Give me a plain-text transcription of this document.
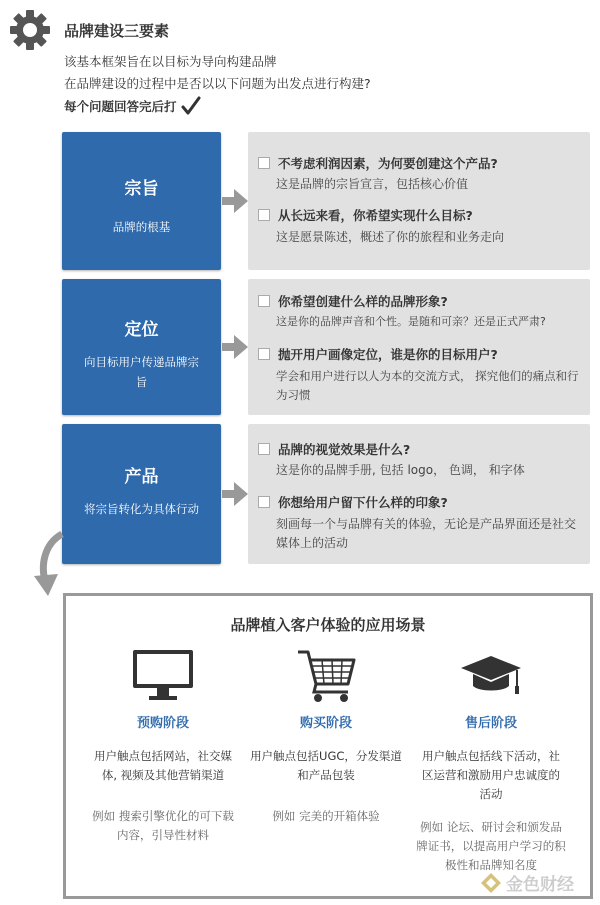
品牌建设三要素
该基本框架旨在以目标为导向构建品牌
在品牌建设的过程中是否以以下问题为出发点进行构建?
每个问题回答完后打
宗旨
品牌的根基
不考虑利润因素，为何要创建这个产品?
这是品牌的宗旨宣言，包括核心价值
从长远来看，你希望实现什么目标?
这是愿景陈述，概述了你的旅程和业务走向
定位
向目标用户传递品牌宗旨
你希望创建什么样的品牌形象?
这是你的品牌声音和个性。是随和可亲？还是正式严肃?
抛开用户画像定位，谁是你的目标用户?
学会和用户进行以人为本的交流方式， 探究他们的痛点和行为习惯
产品
将宗旨转化为具体行动
品牌的视觉效果是什么?
这是你的品牌手册, 包括 logo， 色调， 和字体
你想给用户留下什么样的印象?
刻画每一个与品牌有关的体验，无论是产品界面还是社交媒体上的活动
品牌植入客户体验的应用场景
预购阶段
用户触点包括网站，社交媒体, 视频及其他营销渠道
例如 搜索引擎优化的可下载内容，引导性材料
购买阶段
用户触点包括UGC，分发渠道和产品包装
例如 完美的开箱体验
售后阶段
用户触点包括线下活动，社区运营和激励用户忠诚度的活动
例如 论坛、研讨会和颁发品牌证书，以提高用户学习的积极性和品牌知名度
金色财经
